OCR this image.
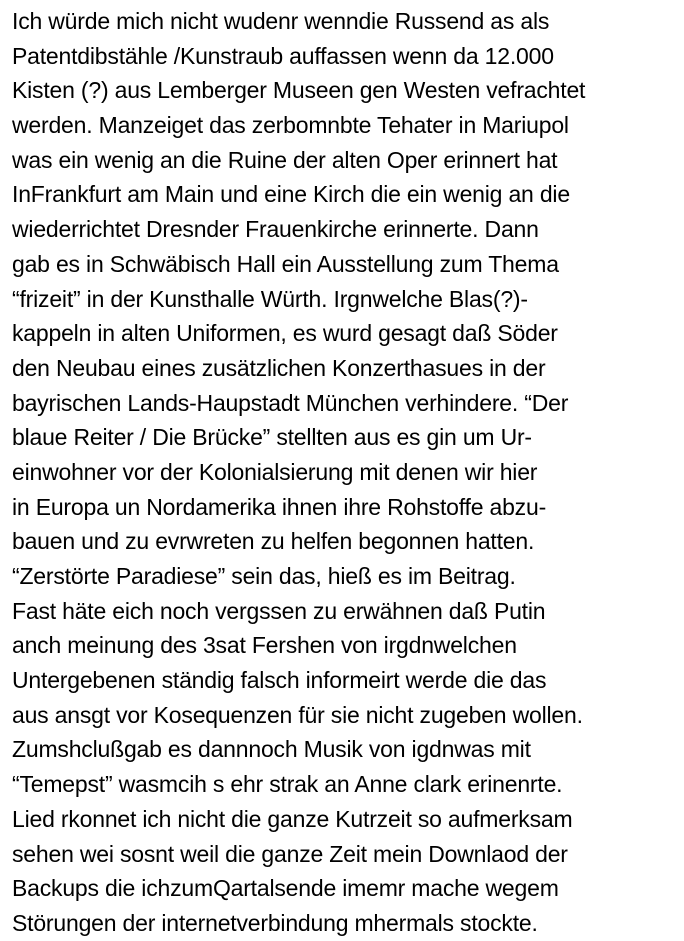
Ich würde mich nicht wudenr wenndie Russend as als
Patentdibstähle /Kunstraub auffassen wenn da 12.000
Kisten (?) aus Lemberger Museen gen Westen vefrachtet
werden. Manzeiget das zerbomnbte Tehater in Mariupol
was ein wenig an die Ruine der alten Oper erinnert hat
InFrankfurt am Main und eine Kirch die ein wenig an die
wiederrichtet Dresnder Frauenkirche erinnerte. Dann
gab es in Schwäbisch Hall ein Ausstellung zum Thema
“frizeit” in der Kunsthalle Würth. Irgnwelche Blas(?)-
kappeln in alten Uniformen, es wurd gesagt daß Söder
den Neubau eines zusätzlichen Konzerthasues in der
bayrischen Lands-Haupstadt München verhindere. “Der
blaue Reiter / Die Brücke” stellten aus es gin um Ur-
einwohner vor der Kolonialsierung mit denen wir hier
in Europa un Nordamerika ihnen ihre Rohstoffe abzu-
bauen und zu evrwreten zu helfen begonnen hatten.
“Zerstörte Paradiese” sein das, hieß es im Beitrag.
Fast häte eich noch vergssen zu erwähnen daß Putin
anch meinung des 3sat Fershen von irgdnwelchen
Untergebenen ständig falsch informeirt werde die das
aus ansgt vor Kosequenzen für sie nicht zugeben wollen.
Zumshclußgab es dannnoch Musik von igdnwas mit
“Temepst” wasmcih s ehr strak an Anne clark erinenrte.
Lied rkonnet ich nicht die ganze Kutrzeit so aufmerksam
sehen wei sosnt weil die ganze Zeit mein Downlaod der
Backups die ichzumQartalsende imemr mache wegem
Störungen der internetverbindung mhermals stockte.
